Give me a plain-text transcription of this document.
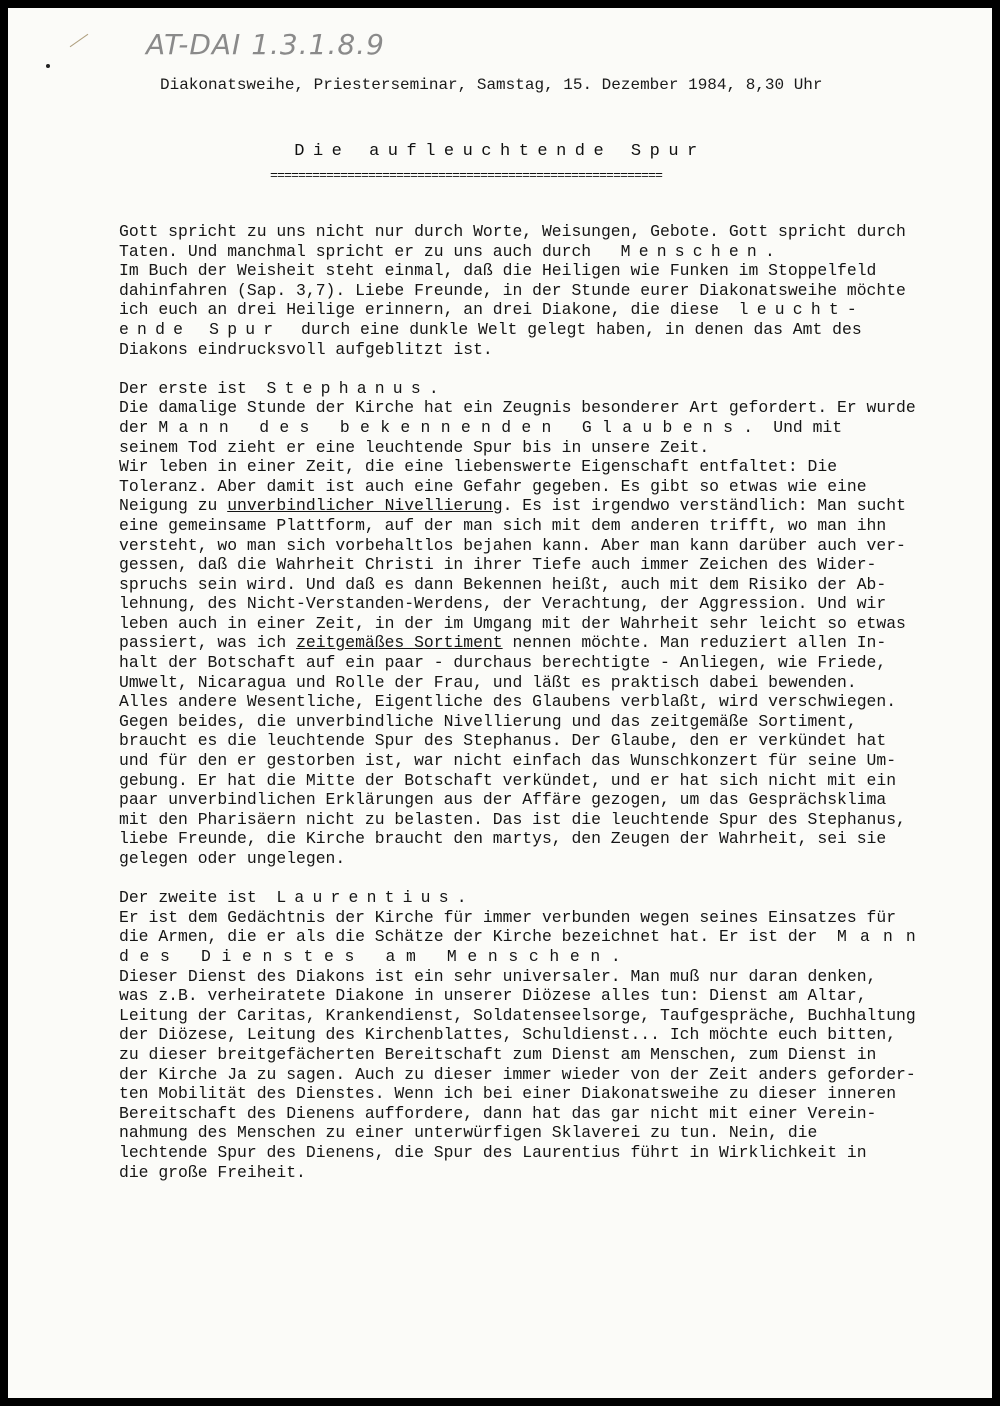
AT-DAI 1.3.1.8.9
Diakonatsweihe, Priesterseminar, Samstag, 15. Dezember 1984, 8,30 Uhr
Die aufleuchtende Spur
========================================================
Gott spricht zu uns nicht nur durch Worte, Weisungen, Gebote. Gott spricht durch
Taten. Und manchmal spricht er zu uns auch durch   Menschen.
Im Buch der Weisheit steht einmal, daß die Heiligen wie Funken im Stoppelfeld
dahinfahren (Sap. 3,7). Liebe Freunde, in der Stunde eurer Diakonatsweihe möchte
ich euch an drei Heilige erinnern, an drei Diakone, die diese  leucht-
ende Spur  durch eine dunkle Welt gelegt haben, in denen das Amt des
Diakons eindrucksvoll aufgeblitzt ist.
Der erste ist  Stephanus.
Die damalige Stunde der Kirche hat ein Zeugnis besonderer Art gefordert. Er wurde
der Mann des bekennenden Glaubens. Und mit
seinem Tod zieht er eine leuchtende Spur bis in unsere Zeit.
Wir leben in einer Zeit, die eine liebenswerte Eigenschaft entfaltet: Die
Toleranz. Aber damit ist auch eine Gefahr gegeben. Es gibt so etwas wie eine
Neigung zu unverbindlicher Nivellierung. Es ist irgendwo verständlich: Man sucht
eine gemeinsame Plattform, auf der man sich mit dem anderen trifft, wo man ihn
versteht, wo man sich vorbehaltlos bejahen kann. Aber man kann darüber auch ver-
gessen, daß die Wahrheit Christi in ihrer Tiefe auch immer Zeichen des Wider-
spruchs sein wird. Und daß es dann Bekennen heißt, auch mit dem Risiko der Ab-
lehnung, des Nicht-Verstanden-Werdens, der Verachtung, der Aggression. Und wir
leben auch in einer Zeit, in der im Umgang mit der Wahrheit sehr leicht so etwas
passiert, was ich zeitgemäßes Sortiment nennen möchte. Man reduziert allen In-
halt der Botschaft auf ein paar - durchaus berechtigte - Anliegen, wie Friede,
Umwelt, Nicaragua und Rolle der Frau, und läßt es praktisch dabei bewenden.
Alles andere Wesentliche, Eigentliche des Glaubens verblaßt, wird verschwiegen.
Gegen beides, die unverbindliche Nivellierung und das zeitgemäße Sortiment,
braucht es die leuchtende Spur des Stephanus. Der Glaube, den er verkündet hat
und für den er gestorben ist, war nicht einfach das Wunschkonzert für seine Um-
gebung. Er hat die Mitte der Botschaft verkündet, und er hat sich nicht mit ein
paar unverbindlichen Erklärungen aus der Affäre gezogen, um das Gesprächsklima
mit den Pharisäern nicht zu belasten. Das ist die leuchtende Spur des Stephanus,
liebe Freunde, die Kirche braucht den martys, den Zeugen der Wahrheit, sei sie
gelegen oder ungelegen.
Der zweite ist  Laurentius.
Er ist dem Gedächtnis der Kirche für immer verbunden wegen seines Einsatzes für
die Armen, die er als die Schätze der Kirche bezeichnet hat. Er ist der  Mann
des Dienstes am Menschen.
Dieser Dienst des Diakons ist ein sehr universaler. Man muß nur daran denken,
was z.B. verheiratete Diakone in unserer Diözese alles tun: Dienst am Altar,
Leitung der Caritas, Krankendienst, Soldatenseelsorge, Taufgespräche, Buchhaltung
der Diözese, Leitung des Kirchenblattes, Schuldienst... Ich möchte euch bitten,
zu dieser breitgefächerten Bereitschaft zum Dienst am Menschen, zum Dienst in
der Kirche Ja zu sagen. Auch zu dieser immer wieder von der Zeit anders geforder-
ten Mobilität des Dienstes. Wenn ich bei einer Diakonatsweihe zu dieser inneren
Bereitschaft des Dienens auffordere, dann hat das gar nicht mit einer Verein-
nahmung des Menschen zu einer unterwürfigen Sklaverei zu tun. Nein, die
lechtende Spur des Dienens, die Spur des Laurentius führt in Wirklichkeit in
die große Freiheit.
